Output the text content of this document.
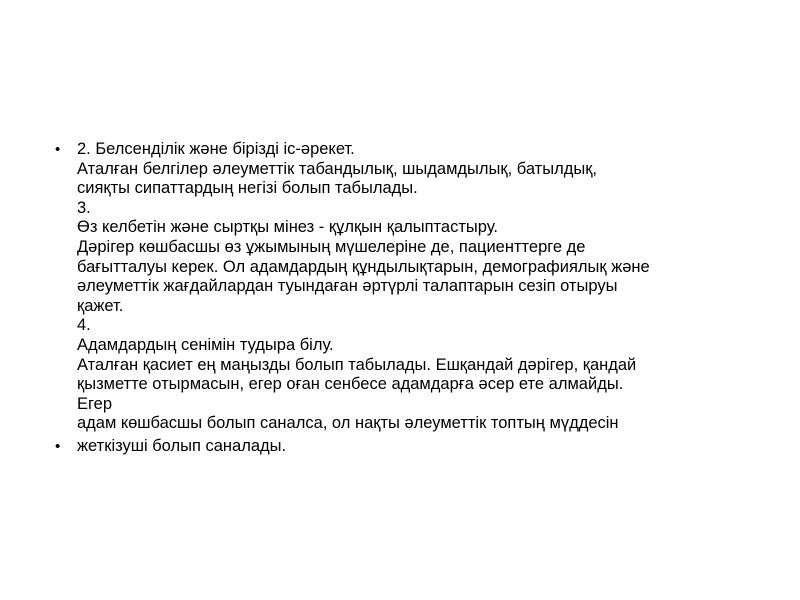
•	2. Белсенділік және бірізді іс-әрекет.
Аталған белгілер әлеуметтік табандылық, шыдамдылық, батылдық,
сияқты сипаттардың негізі болып табылады.
3.
Өз келбетін және сыртқы мінез - құлқын қалыптастыру.
Дәрігер көшбасшы өз ұжымының мүшелеріне де, пациенттерге де
бағытталуы керек. Ол адамдардың құндылықтарын, демографиялық және
әлеуметтік жағдайлардан туындаған әртүрлі талаптарын сезіп отыруы
қажет.
4.
Адамдардың сенімін тудыра білу.
Аталған қасиет ең маңызды болып табылады. Ешқандай дәрігер, қандай
қызметте отырмасын, егер оған сенбесе адамдарға әсер ете алмайды.
Егер
адам көшбасшы болып саналса, ол нақты әлеуметтік топтың мүддесін
•	жеткізуші болып саналады.
